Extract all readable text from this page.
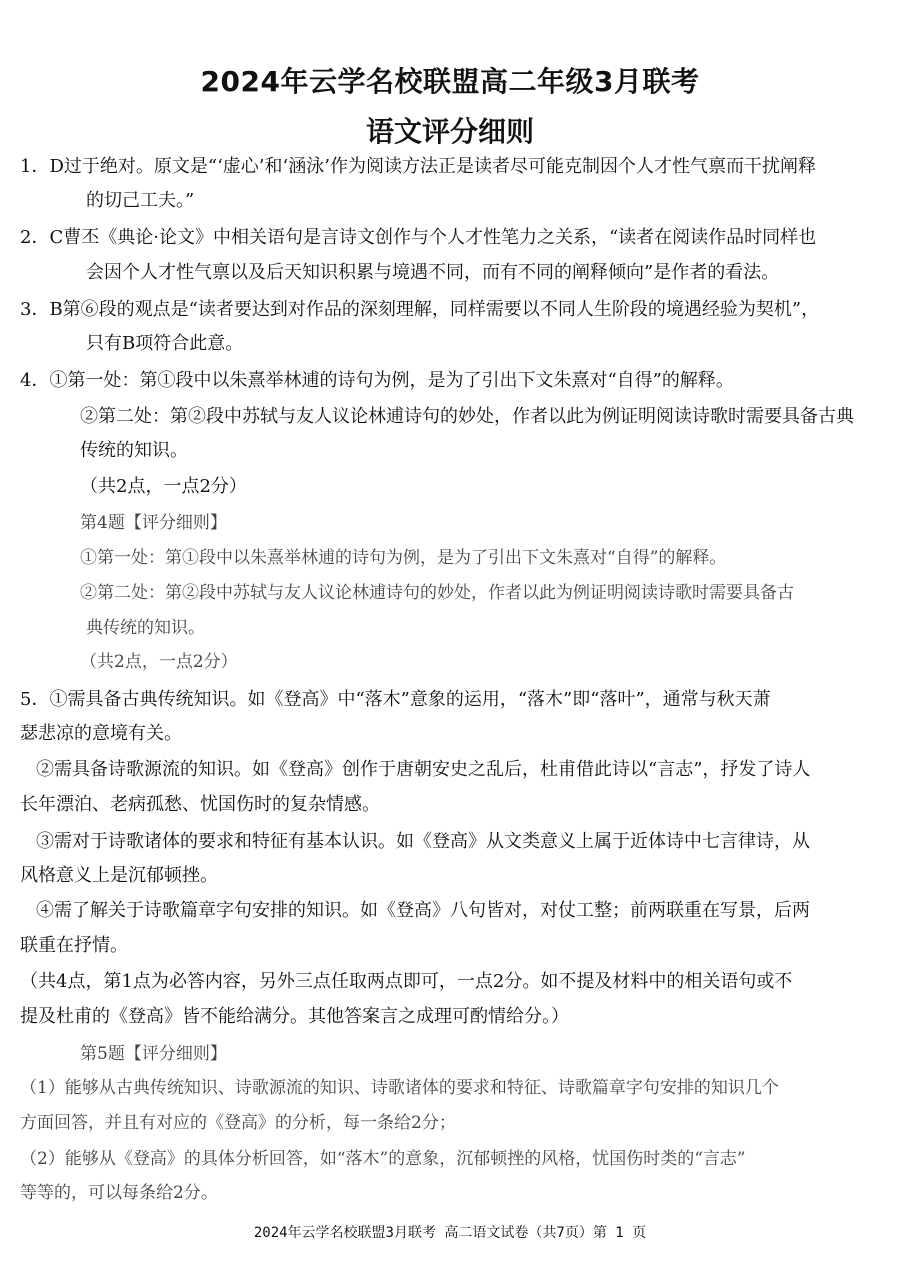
2024年云学名校联盟高二年级3月联考
语文评分细则
1．D过于绝对。原文是“‘虚心’和‘涵泳’作为阅读方法正是读者尽可能克制因个人才性气禀而干扰阐释
的切己工夫。”
2．C曹丕《典论·论文》中相关语句是言诗文创作与个人才性笔力之关系，“读者在阅读作品时同样也
会因个人才性气禀以及后天知识积累与境遇不同，而有不同的阐释倾向”是作者的看法。
3．B第⑥段的观点是“读者要达到对作品的深刻理解，同样需要以不同人生阶段的境遇经验为契机”，
只有B项符合此意。
4．①第一处：第①段中以朱熹举林逋的诗句为例，是为了引出下文朱熹对“自得”的解释。
②第二处：第②段中苏轼与友人议论林逋诗句的妙处，作者以此为例证明阅读诗歌时需要具备古典
传统的知识。
（共2点，一点2分）
第4题【评分细则】
①第一处：第①段中以朱熹举林逋的诗句为例，是为了引出下文朱熹对“自得”的解释。
②第二处：第②段中苏轼与友人议论林逋诗句的妙处，作者以此为例证明阅读诗歌时需要具备古
典传统的知识。
（共2点，一点2分）
5．①需具备古典传统知识。如《登高》中“落木”意象的运用，“落木”即“落叶”，通常与秋天萧
瑟悲凉的意境有关。
②需具备诗歌源流的知识。如《登高》创作于唐朝安史之乱后，杜甫借此诗以“言志”，抒发了诗人
长年漂泊、老病孤愁、忧国伤时的复杂情感。
③需对于诗歌诸体的要求和特征有基本认识。如《登高》从文类意义上属于近体诗中七言律诗，从
风格意义上是沉郁顿挫。
④需了解关于诗歌篇章字句安排的知识。如《登高》八句皆对，对仗工整；前两联重在写景，后两
联重在抒情。
（共4点，第1点为必答内容，另外三点任取两点即可，一点2分。如不提及材料中的相关语句或不
提及杜甫的《登高》皆不能给满分。其他答案言之成理可酌情给分。）
第5题【评分细则】
（1）能够从古典传统知识、诗歌源流的知识、诗歌诸体的要求和特征、诗歌篇章字句安排的知识几个
方面回答，并且有对应的《登高》的分析，每一条给2分；
（2）能够从《登高》的具体分析回答，如“落木”的意象，沉郁顿挫的风格，忧国伤时类的“言志”
等等的，可以每条给2分。
2024年云学名校联盟3月联考 高二语文试卷（共7页）第 1 页
